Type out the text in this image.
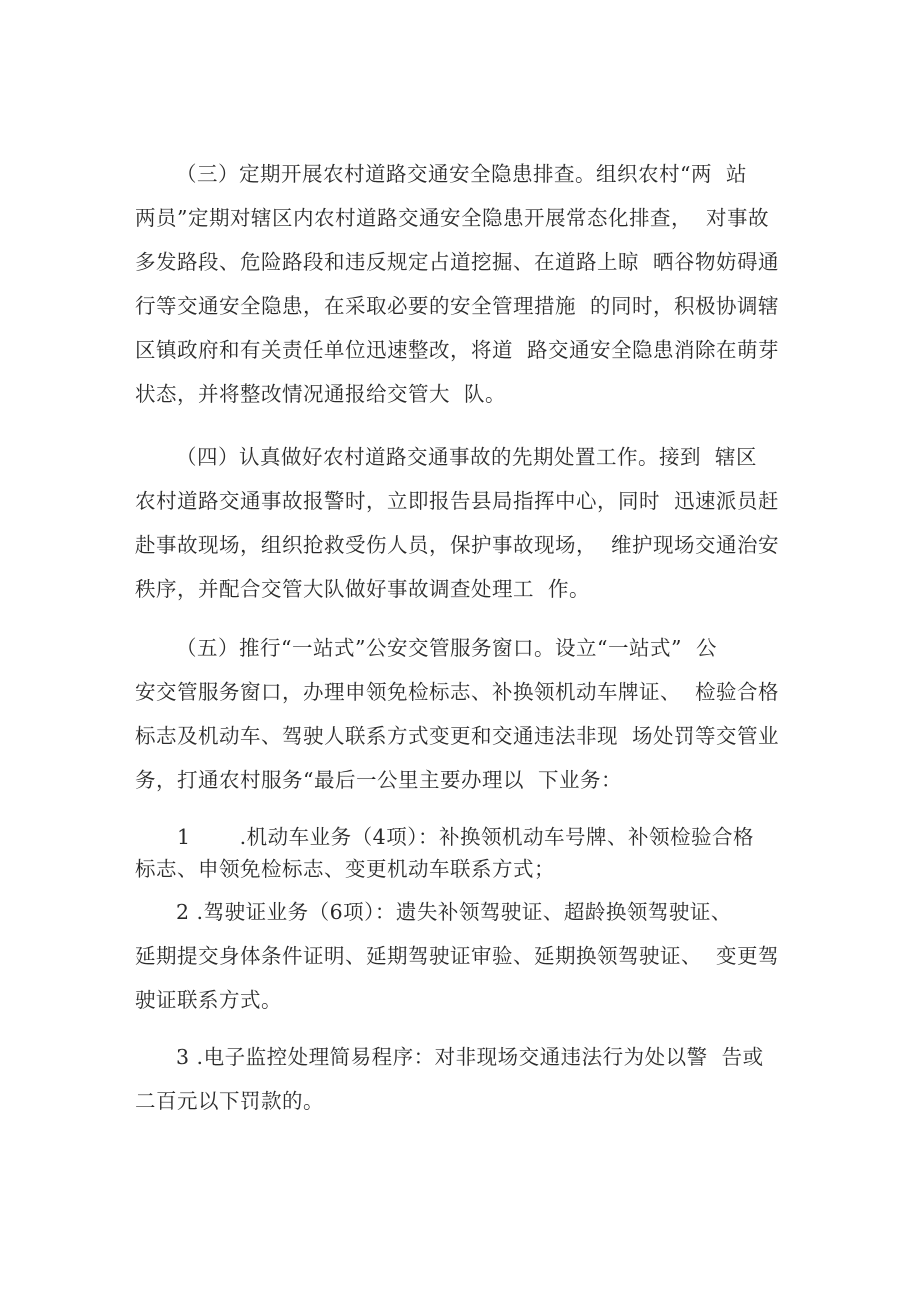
（三）定期开展农村道路交通安全隐患排查。组织农村“两  站
两员”定期对辖区内农村道路交通安全隐患开展常态化排查，  对事故
多发路段、危险路段和违反规定占道挖掘、在道路上晾  晒谷物妨碍通
行等交通安全隐患，在采取必要的安全管理措施  的同时，积极协调辖
区镇政府和有关责任单位迅速整改，将道  路交通安全隐患消除在萌芽
状态，并将整改情况通报给交管大  队。
（四）认真做好农村道路交通事故的先期处置工作。接到  辖区
农村道路交通事故报警时，立即报告县局指挥中心，同时  迅速派员赶
赴事故现场，组织抢救受伤人员，保护事故现场，  维护现场交通治安
秩序，并配合交管大队做好事故调查处理工  作。
（五）推行“一站式”公安交管服务窗口。设立“一站式”  公
安交管服务窗口，办理申领免检标志、补换领机动车牌证、  检验合格
标志及机动车、驾驶人联系方式变更和交通违法非现  场处罚等交管业
务，打通农村服务“最后一公里主要办理以  下业务：
1       .机动车业务（4项）：补换领机动车号牌、补领检验合格
标志、申领免检标志、变更机动车联系方式；
2 .驾驶证业务（6项）：遗失补领驾驶证、超龄换领驾驶证、
延期提交身体条件证明、延期驾驶证审验、延期换领驾驶证、  变更驾
驶证联系方式。
3 .电子监控处理简易程序：对非现场交通违法行为处以警  告或
二百元以下罚款的。
